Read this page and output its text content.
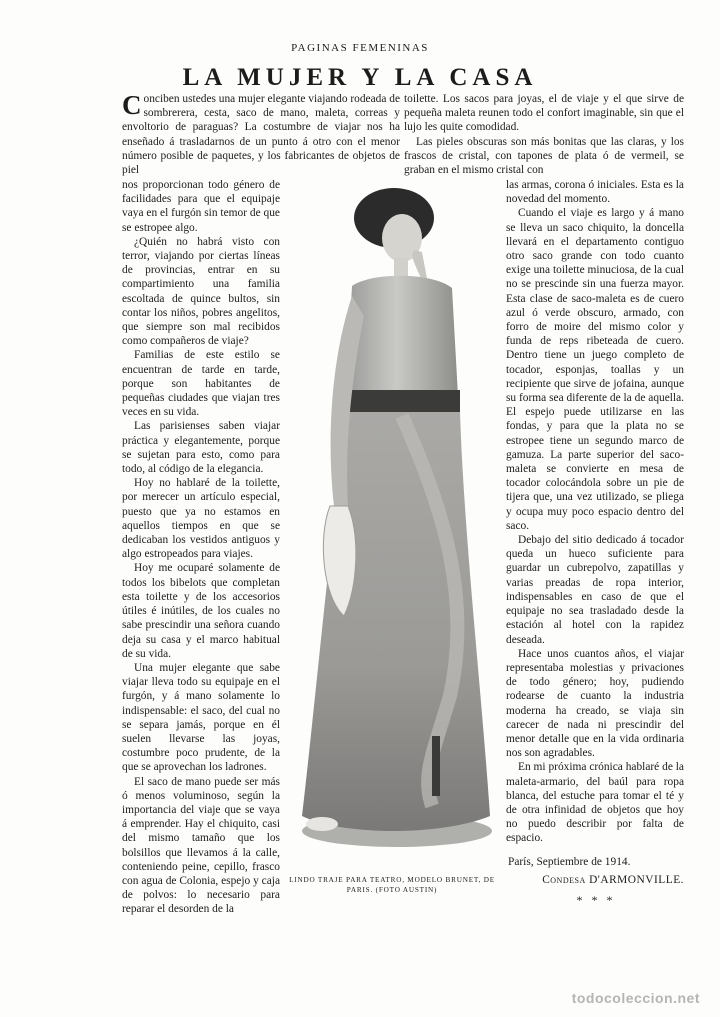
PAGINAS FEMENINAS
LA MUJER Y LA CASA

Conciben ustedes una mujer elegante viajando rodeada de sombrerera, cesta, saco de mano, maleta, correas y envoltorio de paraguas? La costumbre de viajar nos ha enseñado á trasladarnos de un punto á otro con el menor número posible de paquetes, y los fabricantes de objetos de piel

nos proporcionan todo género de facilidades para que el equipaje vaya en el furgón sin temor de que se estropee algo.

¿Quién no habrá visto con terror, viajando por ciertas líneas de provincias, entrar en su compartimiento una familia escoltada de quince bultos, sin contar los niños, pobres angelitos, que siempre son mal recibidos como compañeros de viaje?

Familias de este estilo se encuentran de tarde en tarde, porque son habitantes de pequeñas ciudades que viajan tres veces en su vida.

Las parisienses saben viajar práctica y elegantemente, porque se sujetan para esto, como para todo, al código de la elegancia.

Hoy no hablaré de la toilette, por merecer un artículo especial, puesto que ya no estamos en aquellos tiempos en que se dedicaban los vestidos antiguos y algo estropeados para viajes.

Hoy me ocuparé solamente de todos los bibelots que completan esta toilette y de los accesorios útiles é inútiles, de los cuales no sabe prescindir una señora cuando deja su casa y el marco habitual de su vida.

Una mujer elegante que sabe viajar lleva todo su equipaje en el furgón, y á mano solamente lo indispensable: el saco, del cual no se separa jamás, porque en él suelen llevarse las joyas, costumbre poco prudente, de la que se aprovechan los ladrones.

El saco de mano puede ser más ó menos voluminoso, según la importancia del viaje que se vaya á emprender. Hay el chiquito, casi del mismo tamaño que los bolsillos que llevamos á la calle, conteniendo peine, cepillo, frasco con agua de Colonia, espejo y caja de polvos: lo necesario para reparar el desorden de la

toilette. Los sacos para joyas, el de viaje y el que sirve de pequeña maleta reunen todo el confort imaginable, sin que el lujo les quite comodidad.

Las pieles obscuras son más bonitas que las claras, y los frascos de cristal, con tapones de plata ó de vermeil, se graban en el mismo cristal con

las armas, corona ó iniciales. Esta es la novedad del momento.

Cuando el viaje es largo y á mano se lleva un saco chiquito, la doncella llevará en el departamento contiguo otro saco grande con todo cuanto exige una toilette minuciosa, de la cual no se prescinde sin una fuerza mayor. Esta clase de saco-maleta es de cuero azul ó verde obscuro, armado, con forro de moire del mismo color y funda de reps ribeteada de cuero. Dentro tiene un juego completo de tocador, esponjas, toallas y un recipiente que sirve de jofaina, aunque su forma sea diferente de la de aquella. El espejo puede utilizarse en las fondas, y para que la plata no se estropee tiene un segundo marco de gamuza. La parte superior del saco-maleta se convierte en mesa de tocador colocándola sobre un pie de tijera que, una vez utilizado, se pliega y ocupa muy poco espacio dentro del saco.

Debajo del sitio dedicado á tocador queda un hueco suficiente para guardar un cubrepolvo, zapatillas y varias preadas de ropa interior, indispensables en caso de que el equipaje no sea trasladado desde la estación al hotel con la rapidez deseada.

Hace unos cuantos años, el viajar representaba molestias y privaciones de todo género; hoy, pudiendo rodearse de cuanto la industria moderna ha creado, se viaja sin carecer de nada ni prescindir del menor detalle que en la vida ordinaria nos son agradables.

En mi próxima crónica hablaré de la maleta-armario, del baúl para ropa blanca, del estuche para tomar el té y de otra infinidad de objetos que hoy no puedo describir por falta de espacio.

París, Septiembre de 1914.
Condesa D'ARMONVILLE.
* * *
LINDO TRAJE PARA TEATRO, MODELO BRUNET, DE PARIS. (FOTO AUSTIN)
todocoleccion.net
